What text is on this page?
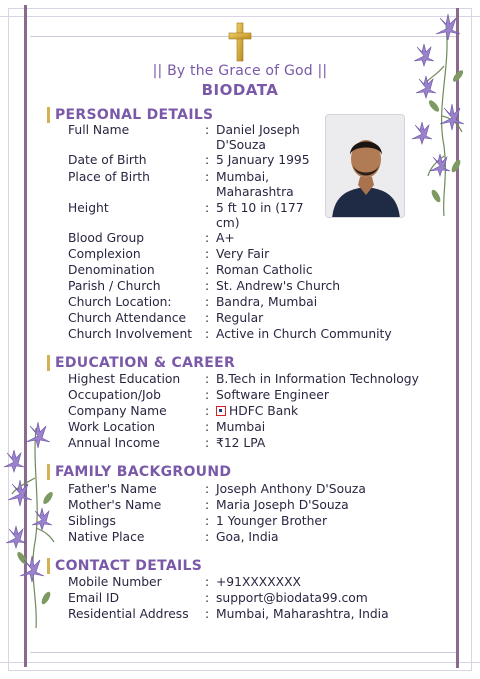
|| By the Grace of God ||
BIODATA
PERSONAL DETAILS
Full Name	: Daniel Joseph D'Souza
Date of Birth	: 5 January 1995
Place of Birth	: Mumbai, Maharashtra
Height	: 5 ft 10 in (177 cm)
Blood Group	: A+
Complexion	: Very Fair
Denomination	: Roman Catholic
Parish / Church	: St. Andrew's Church
Church Location:	: Bandra, Mumbai
Church Attendance : Regular
Church Involvement : Active in Church Community
EDUCATION & CAREER
Highest Education : B.Tech in Information Technology
Occupation/Job	: Software Engineer
Company Name	:	HDFC Bank
Work Location	: Mumbai
Annual Income	: ₹12 LPA
FAMILY BACKGROUND
Father's Name	: Joseph Anthony D'Souza
Mother's Name	: Maria Joseph D'Souza
Siblings	: 1 Younger Brother
Native Place	: Goa, India
CONTACT DETAILS
Mobile Number	: +91XXXXXXX
Email ID	: support@biodata99.com
Residential Address : Mumbai, Maharashtra, India
